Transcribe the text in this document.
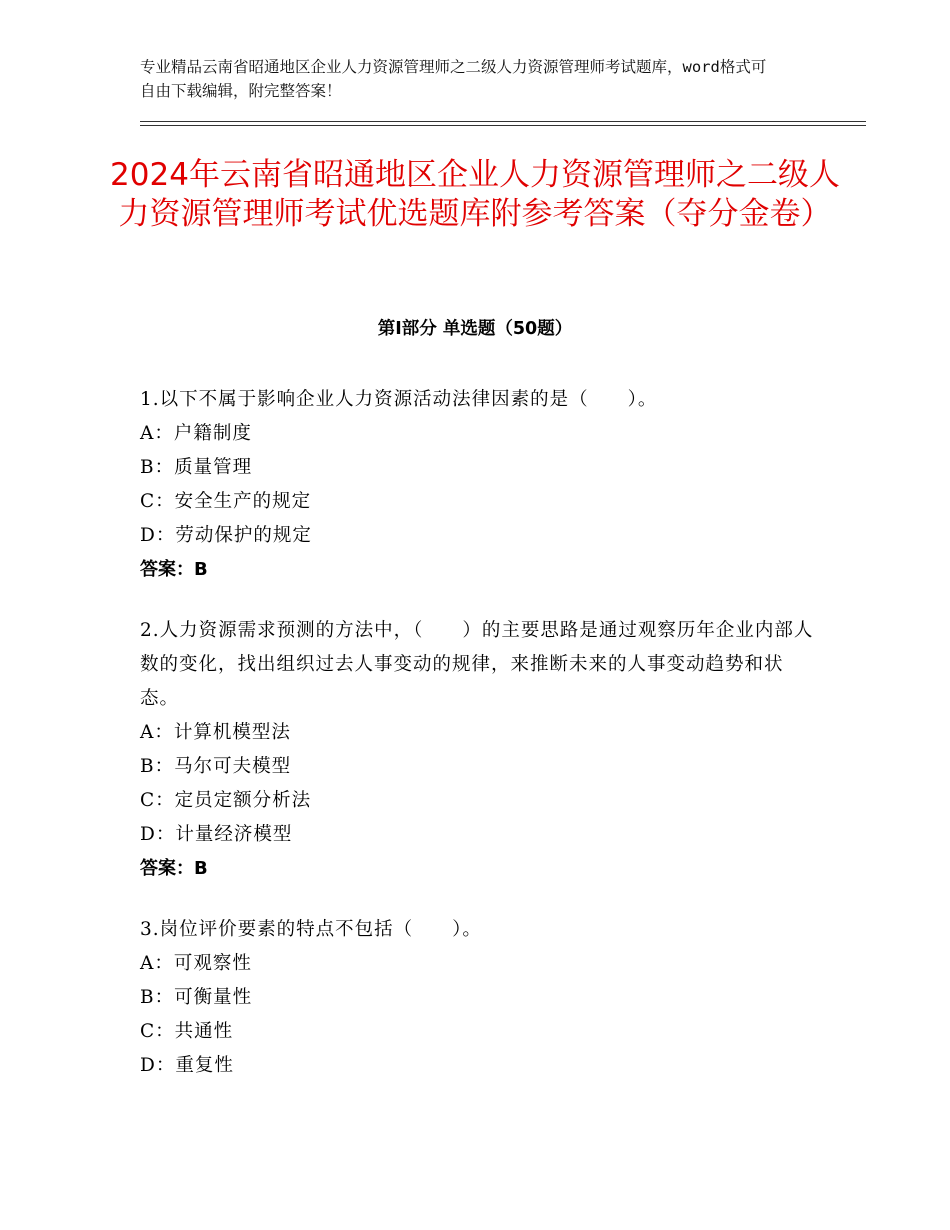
专业精品云南省昭通地区企业人力资源管理师之二级人力资源管理师考试题库，word格式可自由下载编辑，附完整答案！
2024年云南省昭通地区企业人力资源管理师之二级人力资源管理师考试优选题库附参考答案（夺分金卷）
第Ⅰ部分 单选题（50题）
1.以下不属于影响企业人力资源活动法律因素的是（　　）。
A：户籍制度
B：质量管理
C：安全生产的规定
D：劳动保护的规定
答案：B
2.人力资源需求预测的方法中，（　　）的主要思路是通过观察历年企业内部人数的变化，找出组织过去人事变动的规律，来推断未来的人事变动趋势和状态。
A：计算机模型法
B：马尔可夫模型
C：定员定额分析法
D：计量经济模型
答案：B
3.岗位评价要素的特点不包括（　　）。
A：可观察性
B：可衡量性
C：共通性
D：重复性
